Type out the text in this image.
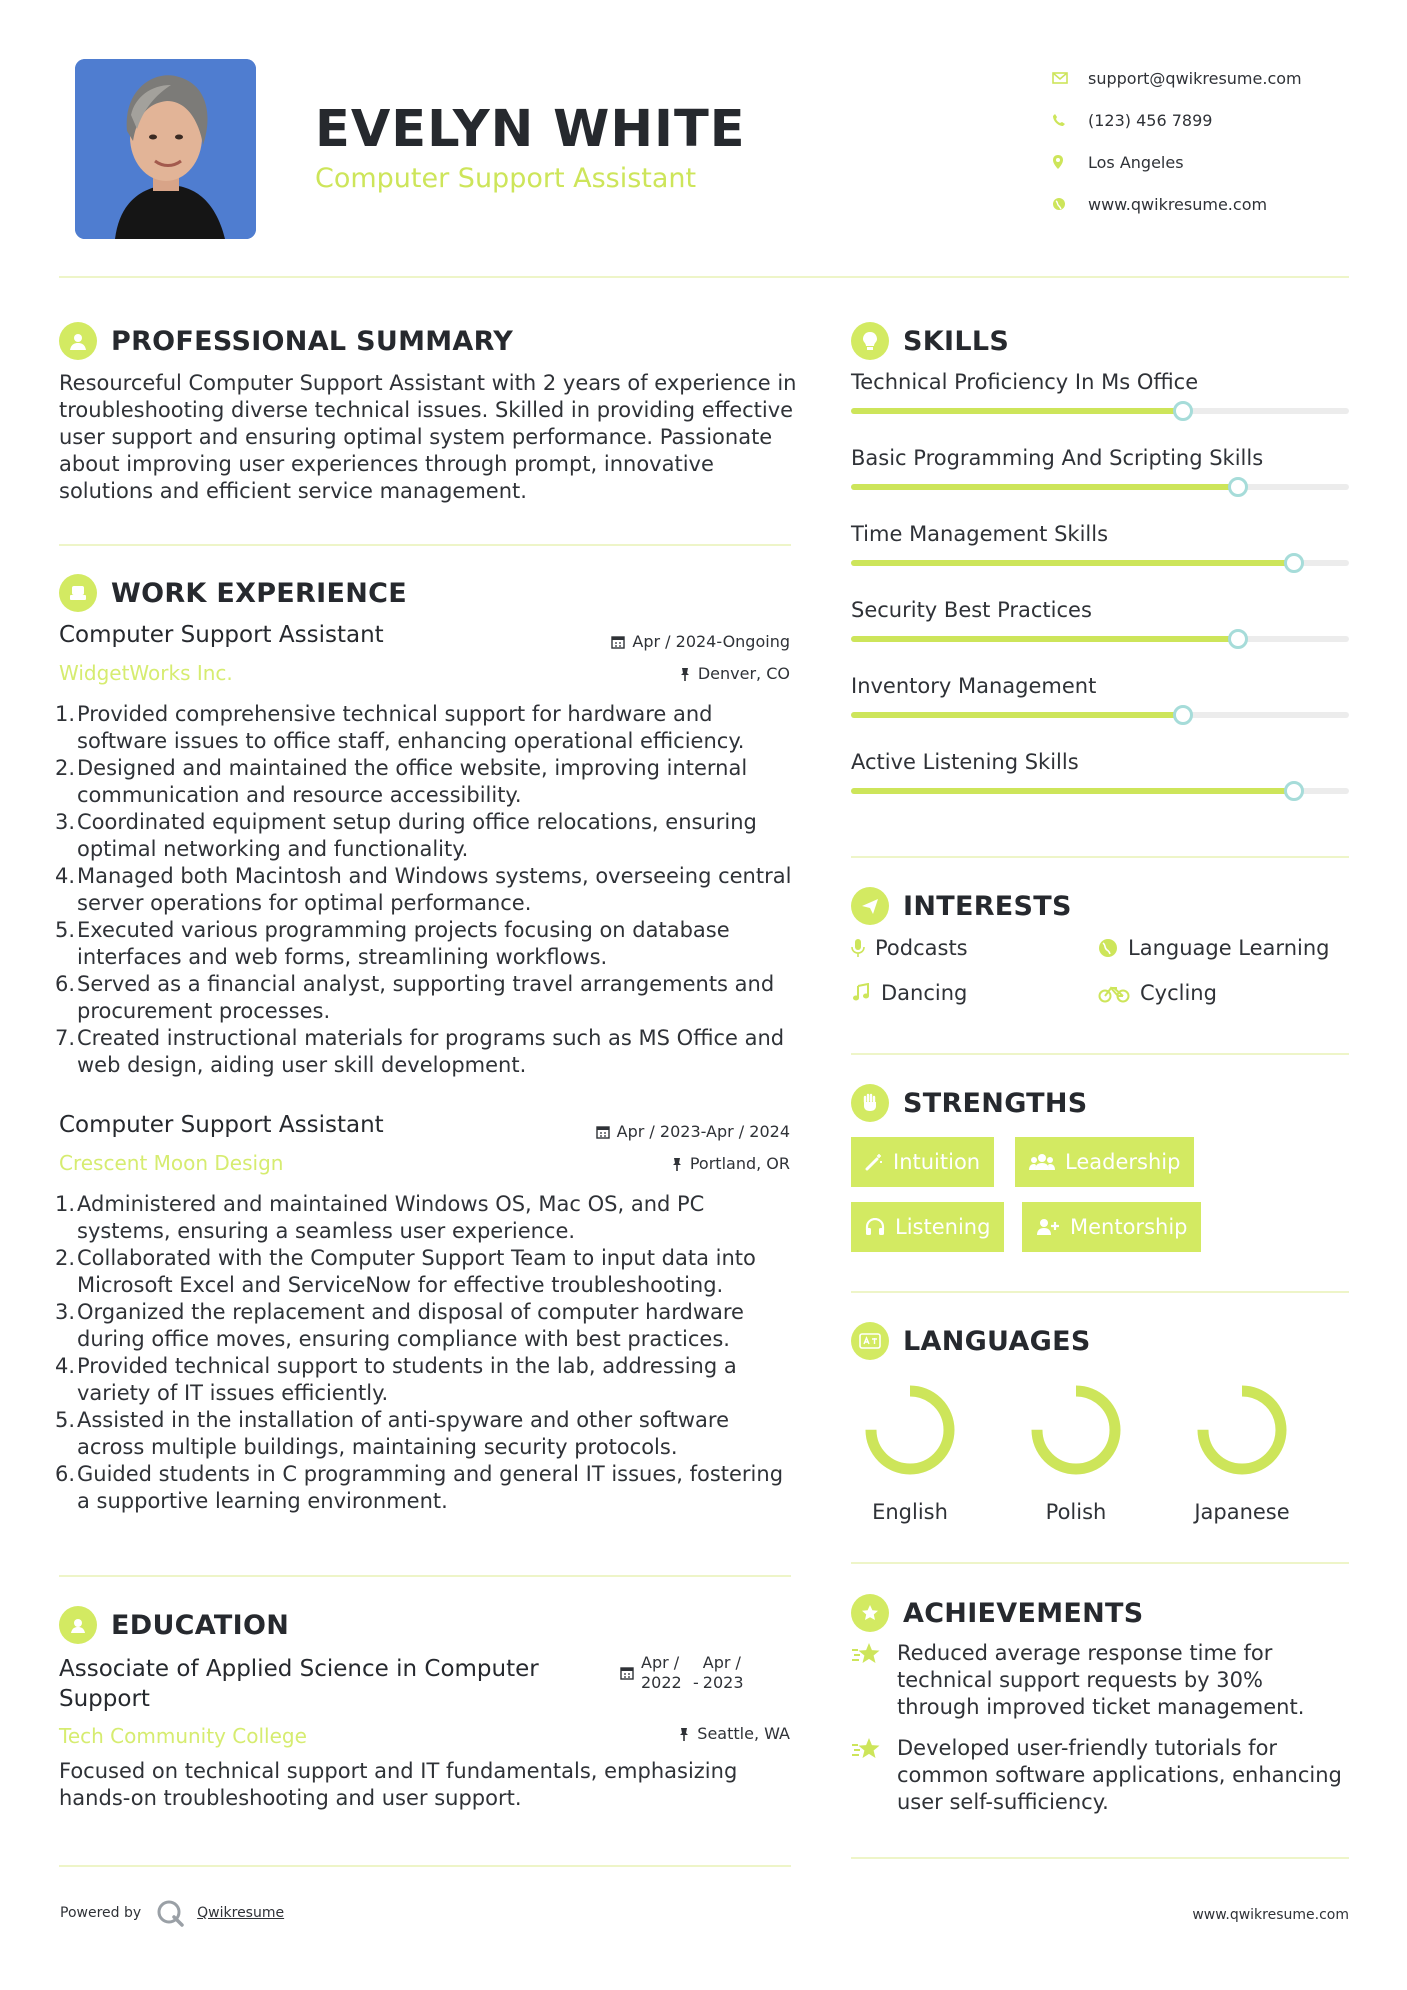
EVELYN WHITE
Computer Support Assistant
support@qwikresume.com
(123) 456 7899
Los Angeles
www.qwikresume.com
PROFESSIONAL SUMMARY
Resourceful Computer Support Assistant with 2 years of experience in troubleshooting diverse technical issues. Skilled in providing effective user support and ensuring optimal system performance. Passionate about improving user experiences through prompt, innovative solutions and efficient service management.
WORK EXPERIENCE
Computer Support Assistant	Apr / 2024-Ongoing
WidgetWorks Inc.	Denver, CO
1. Provided comprehensive technical support for hardware and software issues to office staff, enhancing operational efficiency.
2. Designed and maintained the office website, improving internal communication and resource accessibility.
3. Coordinated equipment setup during office relocations, ensuring optimal networking and functionality.
4. Managed both Macintosh and Windows systems, overseeing central server operations for optimal performance.
5. Executed various programming projects focusing on database interfaces and web forms, streamlining workflows.
6. Served as a financial analyst, supporting travel arrangements and procurement processes.
7. Created instructional materials for programs such as MS Office and web design, aiding user skill development.
Computer Support Assistant	Apr / 2023-Apr / 2024
Crescent Moon Design	Portland, OR
1. Administered and maintained Windows OS, Mac OS, and PC systems, ensuring a seamless user experience.
2. Collaborated with the Computer Support Team to input data into Microsoft Excel and ServiceNow for effective troubleshooting.
3. Organized the replacement and disposal of computer hardware during office moves, ensuring compliance with best practices.
4. Provided technical support to students in the lab, addressing a variety of IT issues efficiently.
5. Assisted in the installation of anti-spyware and other software across multiple buildings, maintaining security protocols.
6. Guided students in C programming and general IT issues, fostering a supportive learning environment.
EDUCATION
Associate of Applied Science in Computer Support
Apr / 2022 -
Apr / 2023
Tech Community College	Seattle, WA
Focused on technical support and IT fundamentals, emphasizing hands-on troubleshooting and user support.
SKILLS
Technical Proficiency In Ms Office
Basic Programming And Scripting Skills
Time Management Skills
Security Best Practices
Inventory Management
Active Listening Skills
INTERESTS
Podcasts	Language Learning
Dancing	Cycling
STRENGTHS
Intuition	Leadership
Listening	Mentorship
LANGUAGES
English	Polish	Japanese
ACHIEVEMENTS
Reduced average response time for technical support requests by 30% through improved ticket management.
Developed user-friendly tutorials for common software applications, enhancing user self-sufficiency.
Powered by	Qwikresume	www.qwikresume.com
